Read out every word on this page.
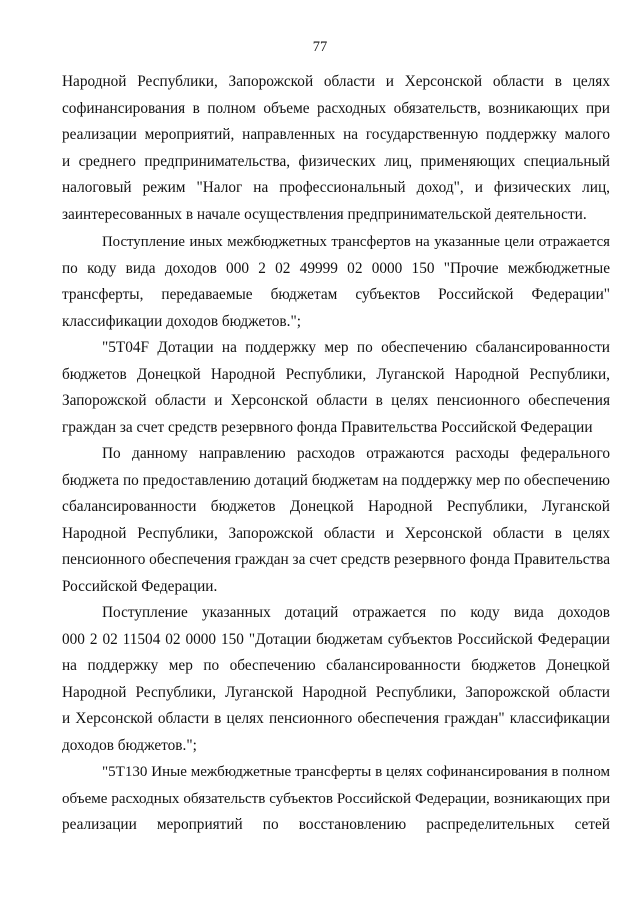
77
Народной Республики, Запорожской области и Херсонской области в целях
софинансирования в полном объеме расходных обязательств, возникающих при
реализации мероприятий, направленных на государственную поддержку малого
и среднего предпринимательства, физических лиц, применяющих специальный
налоговый режим "Налог на профессиональный доход", и физических лиц,
заинтересованных в начале осуществления предпринимательской деятельности.
Поступление иных межбюджетных трансфертов на указанные цели отражается
по коду вида доходов 000 2 02 49999 02 0000 150 "Прочие межбюджетные
трансферты, передаваемые бюджетам субъектов Российской Федерации"
классификации доходов бюджетов.";
"5Т04F Дотации на поддержку мер по обеспечению сбалансированности
бюджетов Донецкой Народной Республики, Луганской Народной Республики,
Запорожской области и Херсонской области в целях пенсионного обеспечения
граждан за счет средств резервного фонда Правительства Российской Федерации
По данному направлению расходов отражаются расходы федерального
бюджета по предоставлению дотаций бюджетам на поддержку мер по обеспечению
сбалансированности бюджетов Донецкой Народной Республики, Луганской
Народной Республики, Запорожской области и Херсонской области в целях
пенсионного обеспечения граждан за счет средств резервного фонда Правительства
Российской Федерации.
Поступление указанных дотаций отражается по коду вида доходов
000 2 02 11504 02 0000 150 "Дотации бюджетам субъектов Российской Федерации
на поддержку мер по обеспечению сбалансированности бюджетов Донецкой
Народной Республики, Луганской Народной Республики, Запорожской области
и Херсонской области в целях пенсионного обеспечения граждан" классификации
доходов бюджетов.";
"5Т130 Иные межбюджетные трансферты в целях софинансирования в полном
объеме расходных обязательств субъектов Российской Федерации, возникающих при
реализации мероприятий по восстановлению распределительных сетей
